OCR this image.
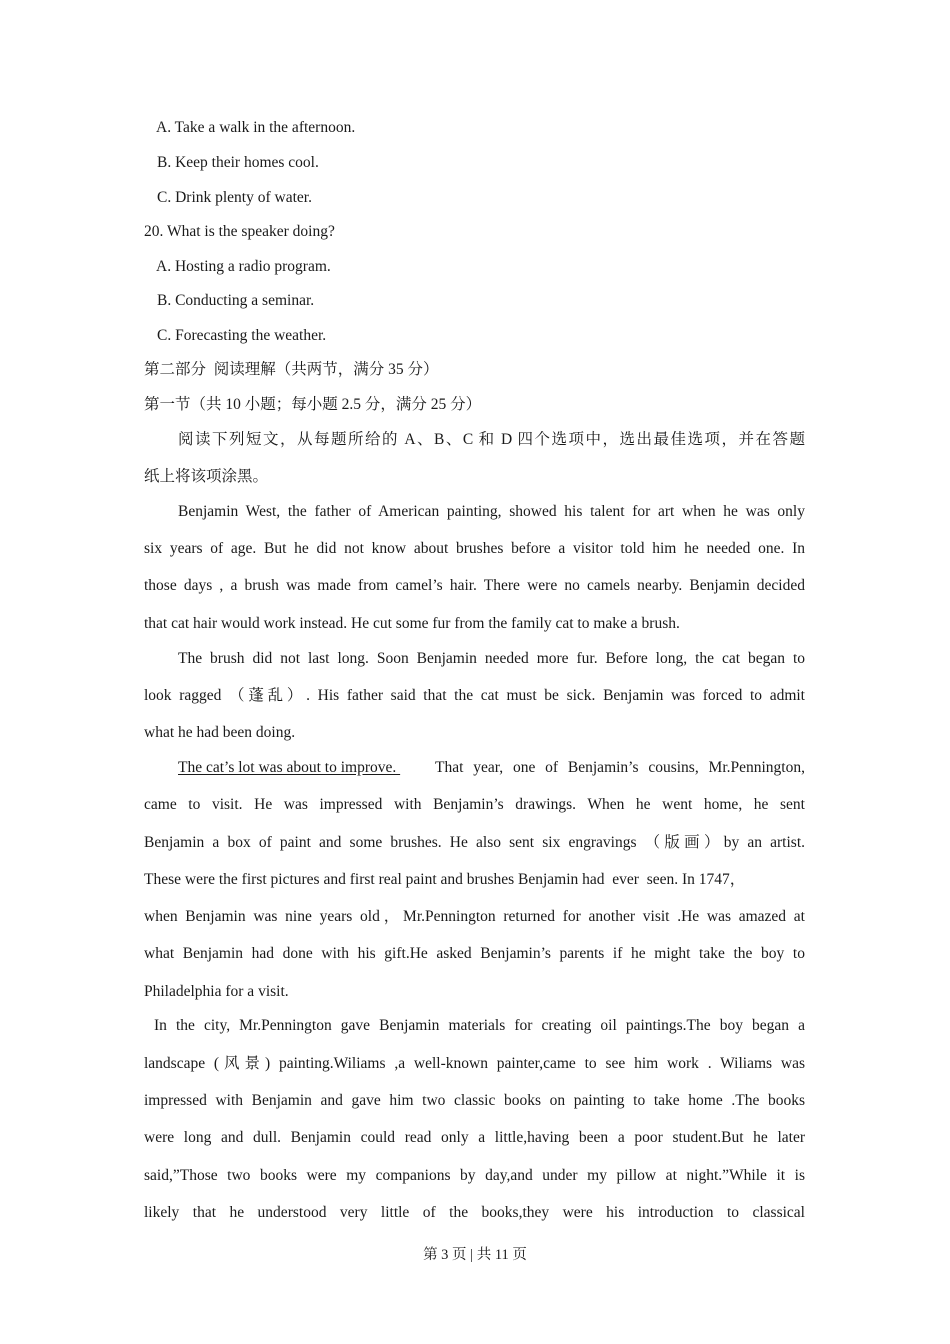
A. Take a walk in the afternoon.
B. Keep their homes cool.
C. Drink plenty of water.
20. What is the speaker doing?
A. Hosting a radio program.
B. Conducting a seminar.
C. Forecasting the weather.
第二部分  阅读理解（共两节，满分 35 分）
第一节（共 10 小题；每小题 2.5 分，满分 25 分）
阅读下列短文，从每题所给的 A、B、C 和 D 四个选项中，选出最佳选项，并在答题
纸上将该项涂黑。
Benjamin West, the father of American painting, showed his talent for art when he was only
six years of age. But he did not know about brushes before a visitor told him he needed one. In
those days , a brush was made from camel’s hair. There were no camels nearby. Benjamin decided
that cat hair would work instead. He cut some fur from the family cat to make a brush.
The brush did not last long. Soon Benjamin needed more fur. Before long, the cat began to
look ragged （蓬乱）. His father said that the cat must be sick. Benjamin was forced to admit
what he had been doing.
The cat’s lot was about to improve. That year, one of Benjamin’s cousins, Mr.Pennington,
came to visit. He was impressed with Benjamin’s drawings. When he went home, he sent
Benjamin a box of paint and some brushes. He also sent six engravings （版画）by an artist.
These were the first pictures and first real paint and brushes Benjamin had  ever  seen. In 1747，
when Benjamin was nine years old，Mr.Pennington returned for another visit .He was amazed at
what Benjamin had done with his gift.He asked Benjamin’s parents if he might take the boy to
Philadelphia for a visit.
In the city, Mr.Pennington gave Benjamin materials for creating oil paintings.The boy began a
landscape (风景) painting.Wiliams ,a well-known painter,came to see him work . Wiliams was
impressed with Benjamin and gave him two classic books on painting to take home .The books
were long and dull. Benjamin could read only a little,having been a poor student.But he later
said,”Those two books were my companions by day,and under my pillow at night.”While it is
likely that he understood very little of the books,they were his introduction to classical
第 3 页 | 共 11 页
